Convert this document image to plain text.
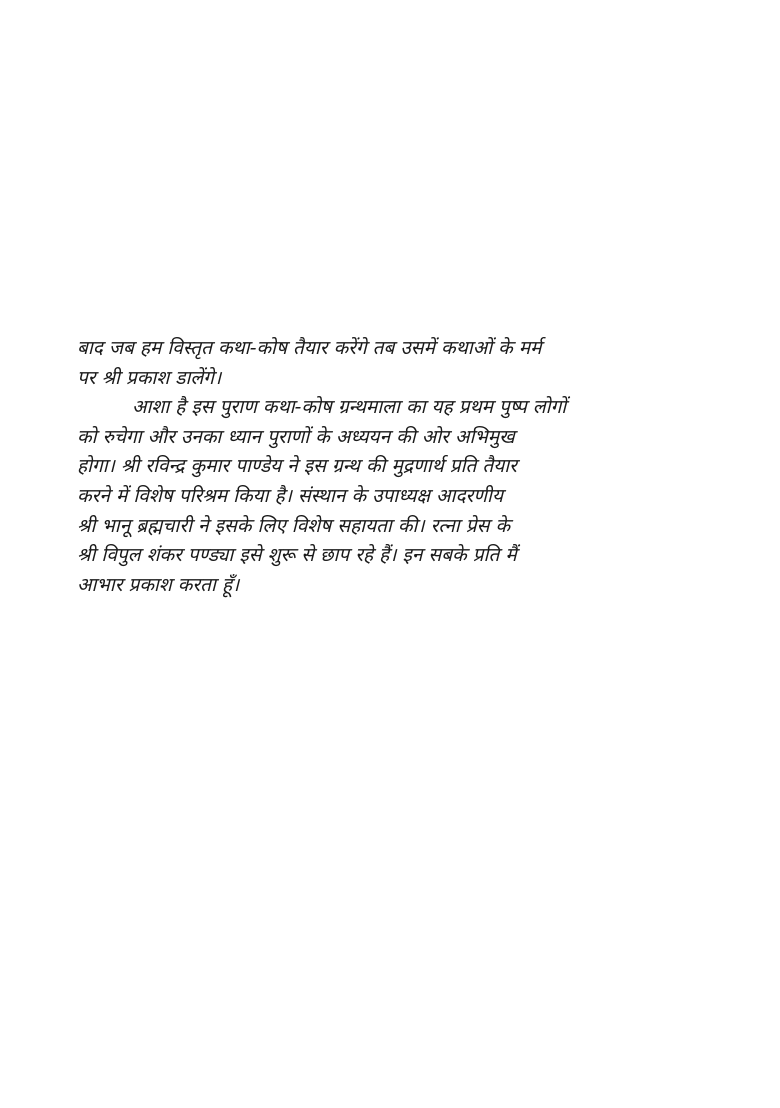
बाद जब हम विस्तृत कथा-कोष तैयार करेंगे तब उसमें कथाओं के मर्म
पर श्री प्रकाश डालेंगे।
आशा है इस पुराण कथा-कोष ग्रन्थमाला का यह प्रथम पुष्प लोगों
को रुचेगा और उनका ध्यान पुराणों के अध्ययन की ओर अभिमुख
होगा। श्री रविन्द्र कुमार पाण्डेय ने इस ग्रन्थ की मुद्रणार्थ प्रति तैयार
करने में विशेष परिश्रम किया है। संस्थान के उपाध्यक्ष आदरणीय
श्री भानू ब्रह्मचारी ने इसके लिए विशेष सहायता की। रत्ना प्रेस के
श्री विपुल शंकर पण्ड्या इसे शुरू से छाप रहे हैं। इन सबके प्रति मैं
आभार प्रकाश करता हूँ।
